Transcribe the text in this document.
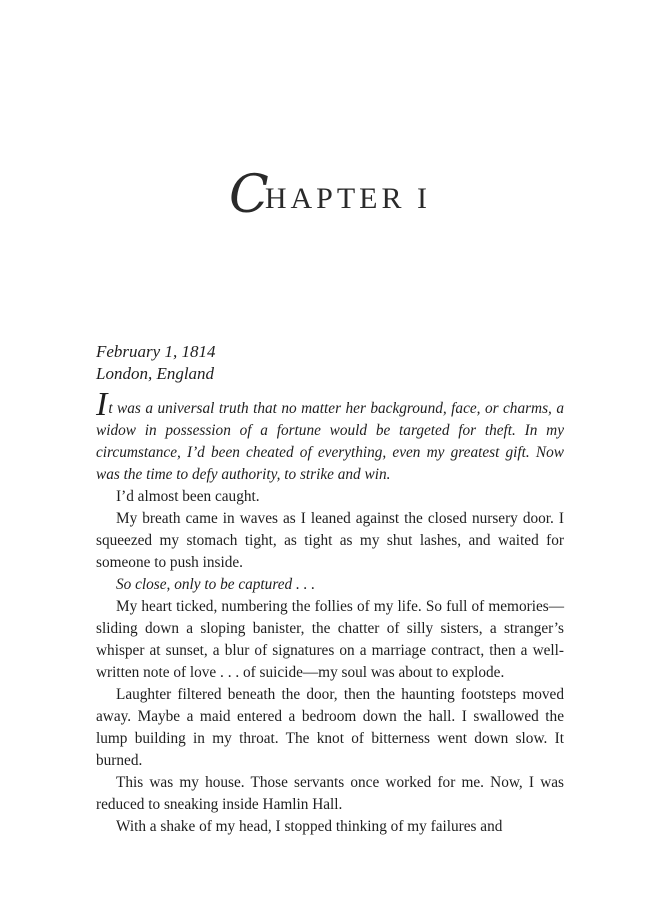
CHAPTER I
February 1, 1814
London, England

It was a universal truth that no matter her background, face, or charms, a widow in possession of a fortune would be targeted for theft. In my circumstance, I’d been cheated of everything, even my greatest gift. Now was the time to defy authority, to strike and win.

I’d almost been caught.

My breath came in waves as I leaned against the closed nursery door. I squeezed my stomach tight, as tight as my shut lashes, and waited for someone to push inside.

So close, only to be captured . . .

My heart ticked, numbering the follies of my life. So full of memories—sliding down a sloping banister, the chatter of silly sisters, a stranger’s whisper at sunset, a blur of signatures on a marriage contract, then a well-written note of love . . . of suicide—my soul was about to explode.

Laughter filtered beneath the door, then the haunting footsteps moved away. Maybe a maid entered a bedroom down the hall. I swallowed the lump building in my throat. The knot of bitterness went down slow. It burned.

This was my house. Those servants once worked for me. Now, I was reduced to sneaking inside Hamlin Hall.

With a shake of my head, I stopped thinking of my failures and
